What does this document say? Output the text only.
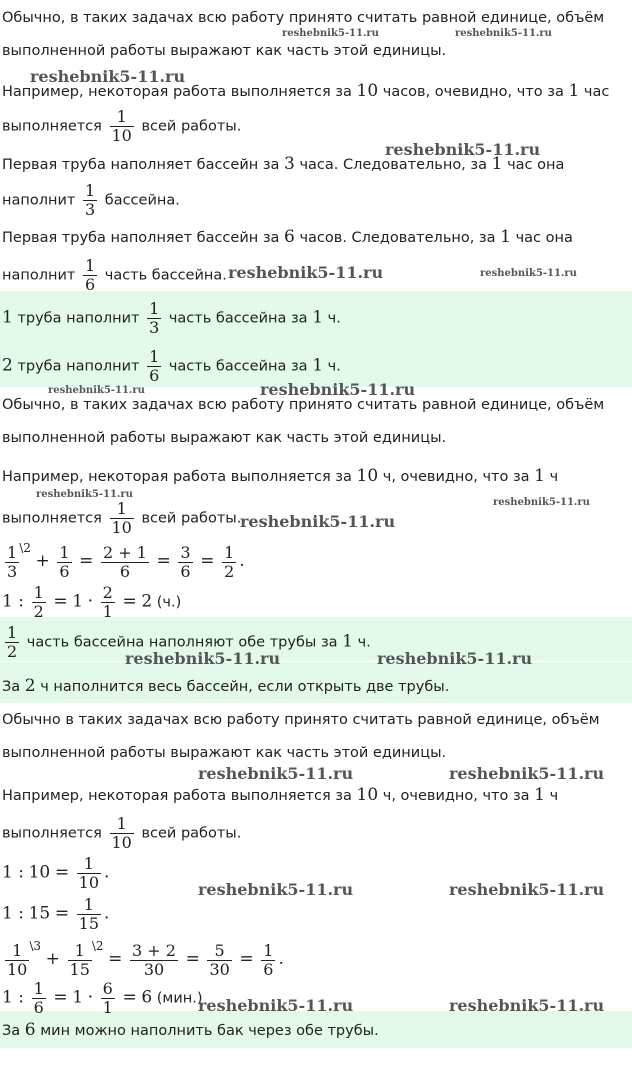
Обычно, в таких задачах всю работу принято считать равной единице, объём
выполненной работы выражают как часть этой единицы.
Например, некоторая работа выполняется за 10 часов, очевидно, что за 1 час
выполняется $\frac{1}{10}$ всей работы.
Первая труба наполняет бассейн за 3 часа. Следовательно, за 1 час она
наполнит $\frac{1}{3}$ бассейна.
Первая труба наполняет бассейн за 6 часов. Следовательно, за 1 час она
наполнит $\frac{1}{6}$ часть бассейна.
1 труба наполнит $\frac{1}{3}$ часть бассейна за 1 ч.
2 труба наполнит $\frac{1}{6}$ часть бассейна за 1 ч.
Обычно, в таких задачах всю работу принято считать равной единице, объём
выполненной работы выражают как часть этой единицы.
Например, некоторая работа выполняется за 10 ч, очевидно, что за 1 ч
выполняется $\frac{1}{10}$ всей работы.
$\frac{1}{3} ^{\backslash 2} + \frac{1}{6} = \frac{2 + 1}{6} = \frac{3}{6} = \frac{1}{2}$ .
1 : $\frac{1}{2} = 1 \cdot \frac{2}{1} = 2$ (ч.)
$\frac{1}{2}$ часть бассейна наполняют обе трубы за 1 ч.
За 2 ч наполнится весь бассейн, если открыть две трубы.
Обычно в таких задачах всю работу принято считать равной единице, объём
выполненной работы выражают как часть этой единицы.
Например, некоторая работа выполняется за 10 ч, очевидно, что за 1 ч
выполняется $\frac{1}{10}$ всей работы.
1 : $10 = \frac{1}{10}$ .
1 : $15 = \frac{1}{15}$ .
$\frac{1}{10} ^{\backslash 3} + \frac{1}{15} ^{\backslash 2} = \frac{3 + 2}{30} = \frac{5}{30} = \frac{1}{6}$ .
1 : $\frac{1}{6} = 1 \cdot \frac{6}{1} = 6$ (мин.)
За 6 мин можно наполнить бак через обе трубы.
reshebnik5-11.ru	reshebnik5-11.ru
reshebnik5-11.ru
reshebnik5-11.ru
reshebnik5-11.ru	reshebnik5-11.ru
reshebnik5-11.ru	reshebnik5-11.ru
reshebnik5-11.ru
reshebnik5-11.ru
reshebnik5-11.ru
reshebnik5-11.ru	reshebnik5-11.ru
reshebnik5-11.ru	reshebnik5-11.ru
reshebnik5-11.ru	reshebnik5-11.ru
reshebnik5-11.ru	reshebnik5-11.ru
